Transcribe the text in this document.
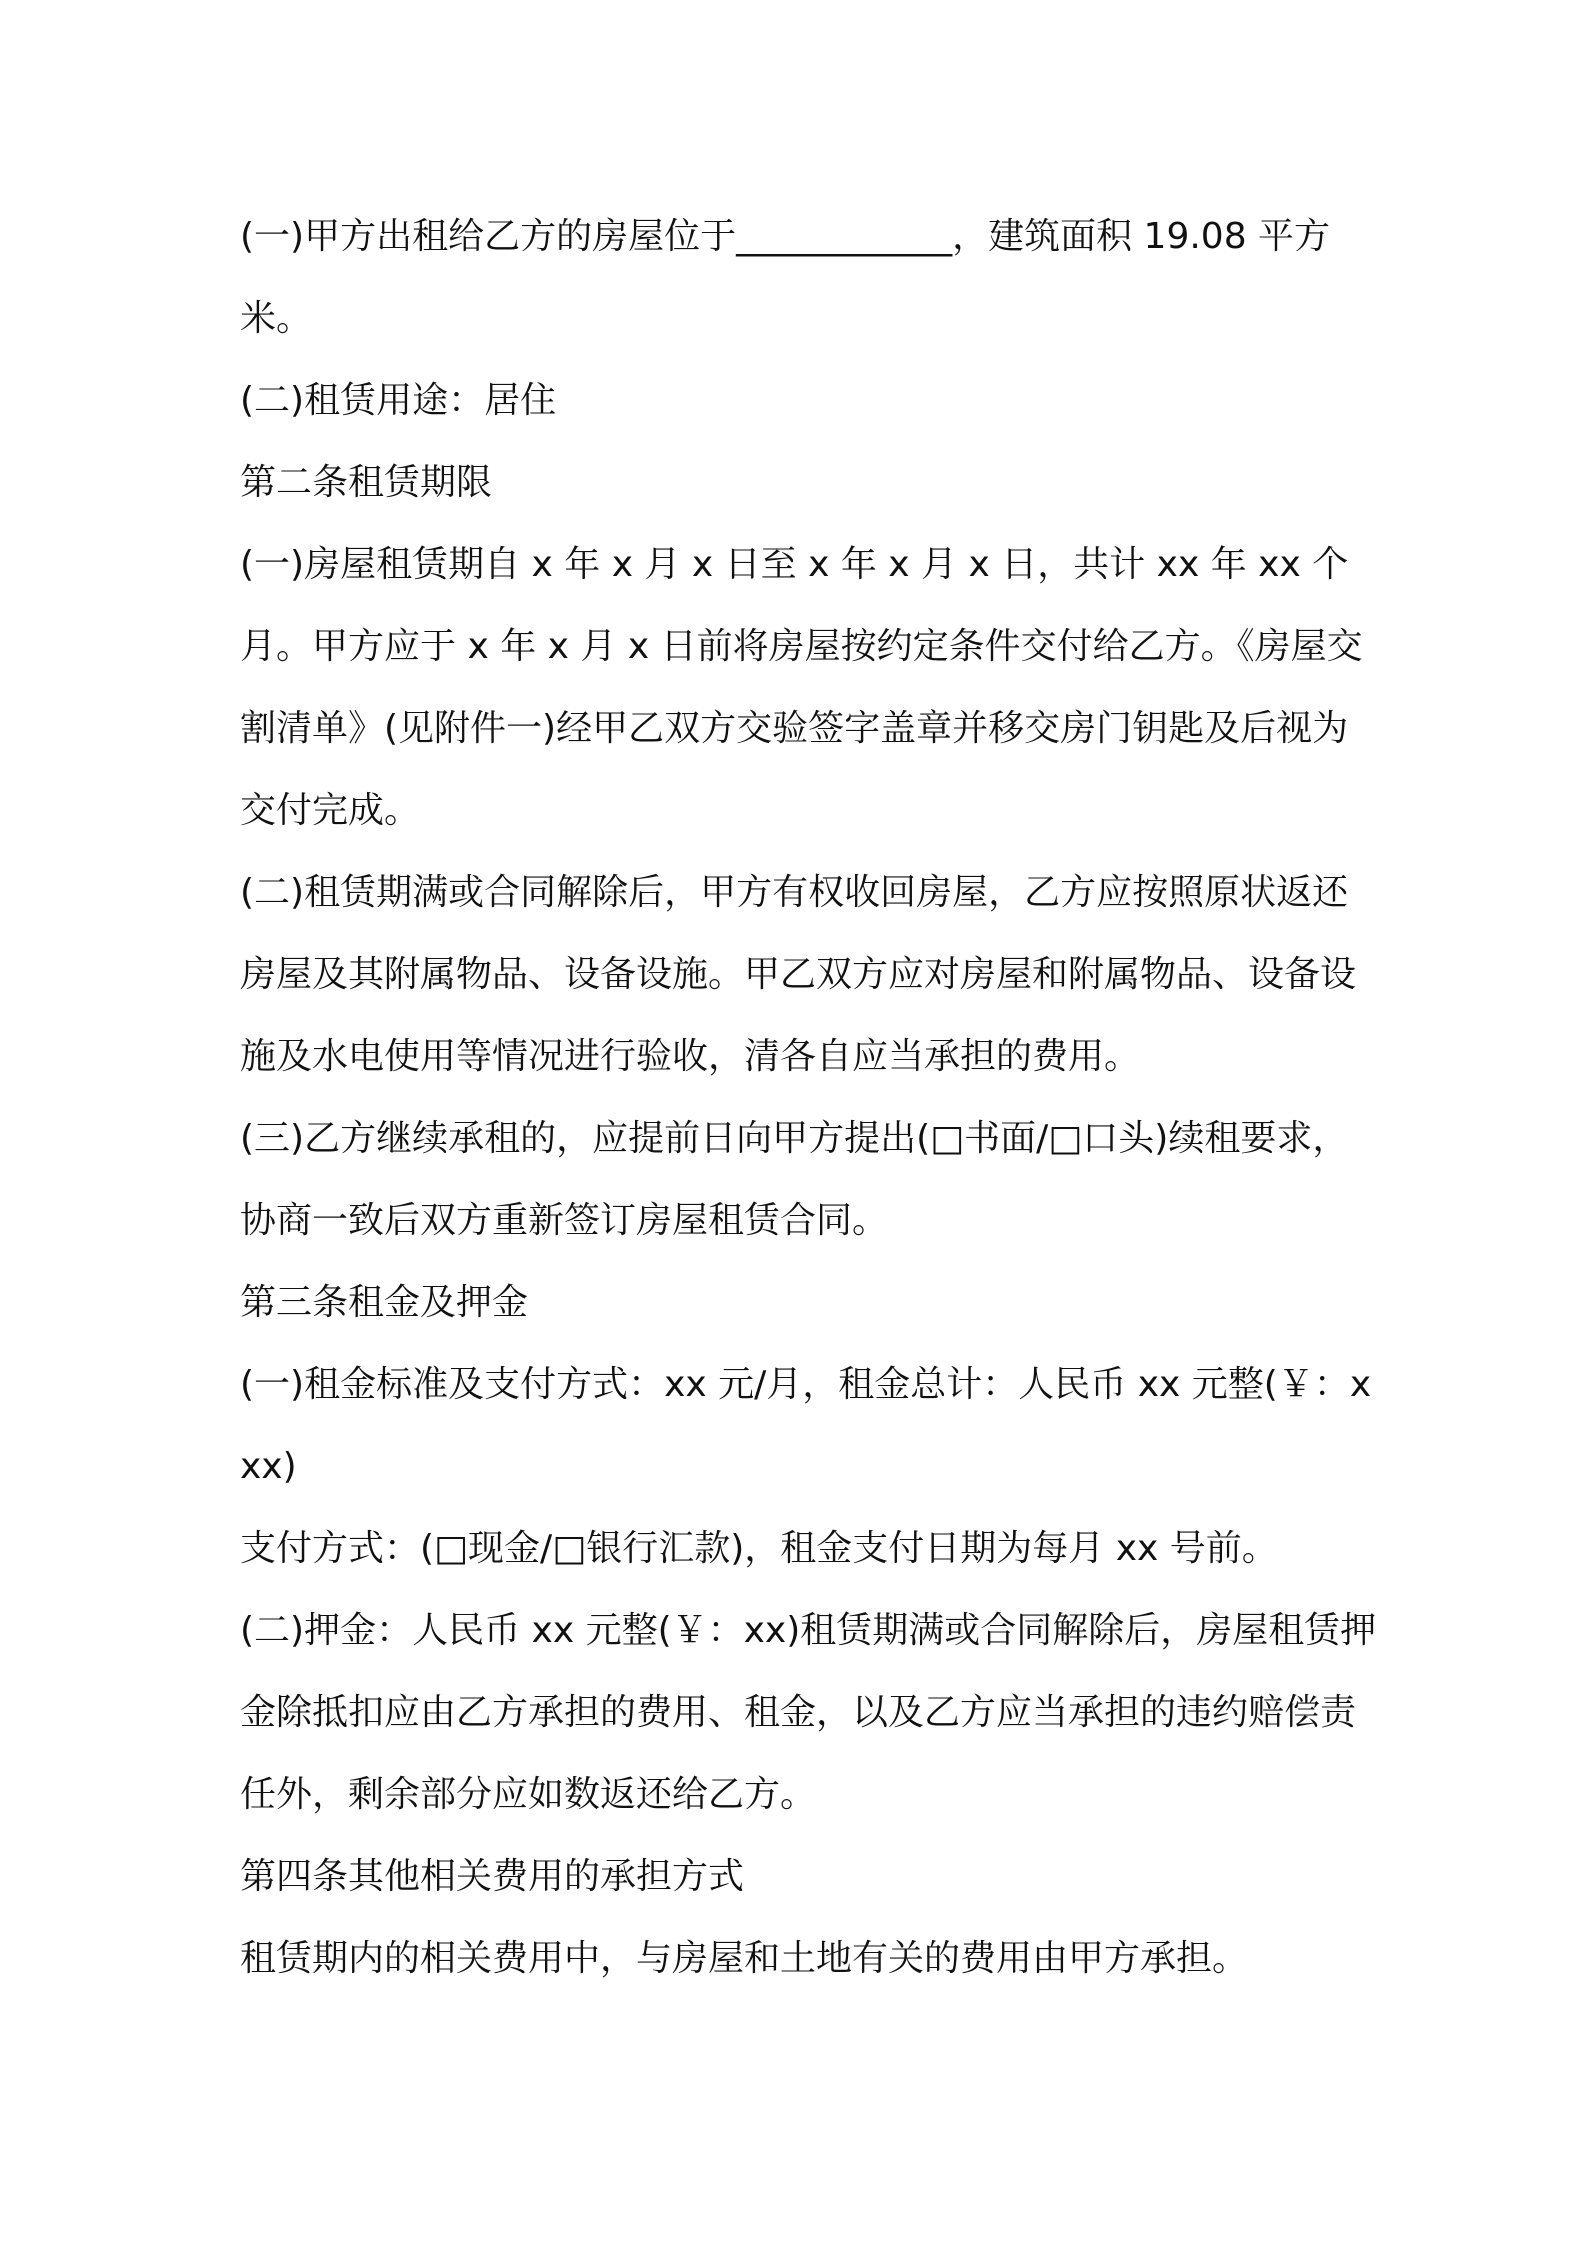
(一)甲方出租给乙方的房屋位于____________，建筑面积 19.08 平方米。

(二)租赁用途：居住

第二条租赁期限

(一)房屋租赁期自 x 年 x 月 x 日至 x 年 x 月 x 日，共计 xx 年 xx 个月。甲方应于 x 年 x 月 x 日前将房屋按约定条件交付给乙方。《房屋交割清单》(见附件一)经甲乙双方交验签字盖章并移交房门钥匙及后视为交付完成。

(二)租赁期满或合同解除后，甲方有权收回房屋，乙方应按照原状返还房屋及其附属物品、设备设施。甲乙双方应对房屋和附属物品、设备设施及水电使用等情况进行验收，清各自应当承担的费用。

(三)乙方继续承租的，应提前日向甲方提出(□书面/□口头)续租要求，协商一致后双方重新签订房屋租赁合同。

第三条租金及押金

(一)租金标准及支付方式：xx 元/月，租金总计：人民币 xx 元整(￥：xxx)

支付方式：(□现金/□银行汇款)，租金支付日期为每月 xx 号前。

(二)押金：人民币 xx 元整(￥：xx)租赁期满或合同解除后，房屋租赁押金除抵扣应由乙方承担的费用、租金，以及乙方应当承担的违约赔偿责任外，剩余部分应如数返还给乙方。

第四条其他相关费用的承担方式

租赁期内的相关费用中，与房屋和土地有关的费用由甲方承担。
